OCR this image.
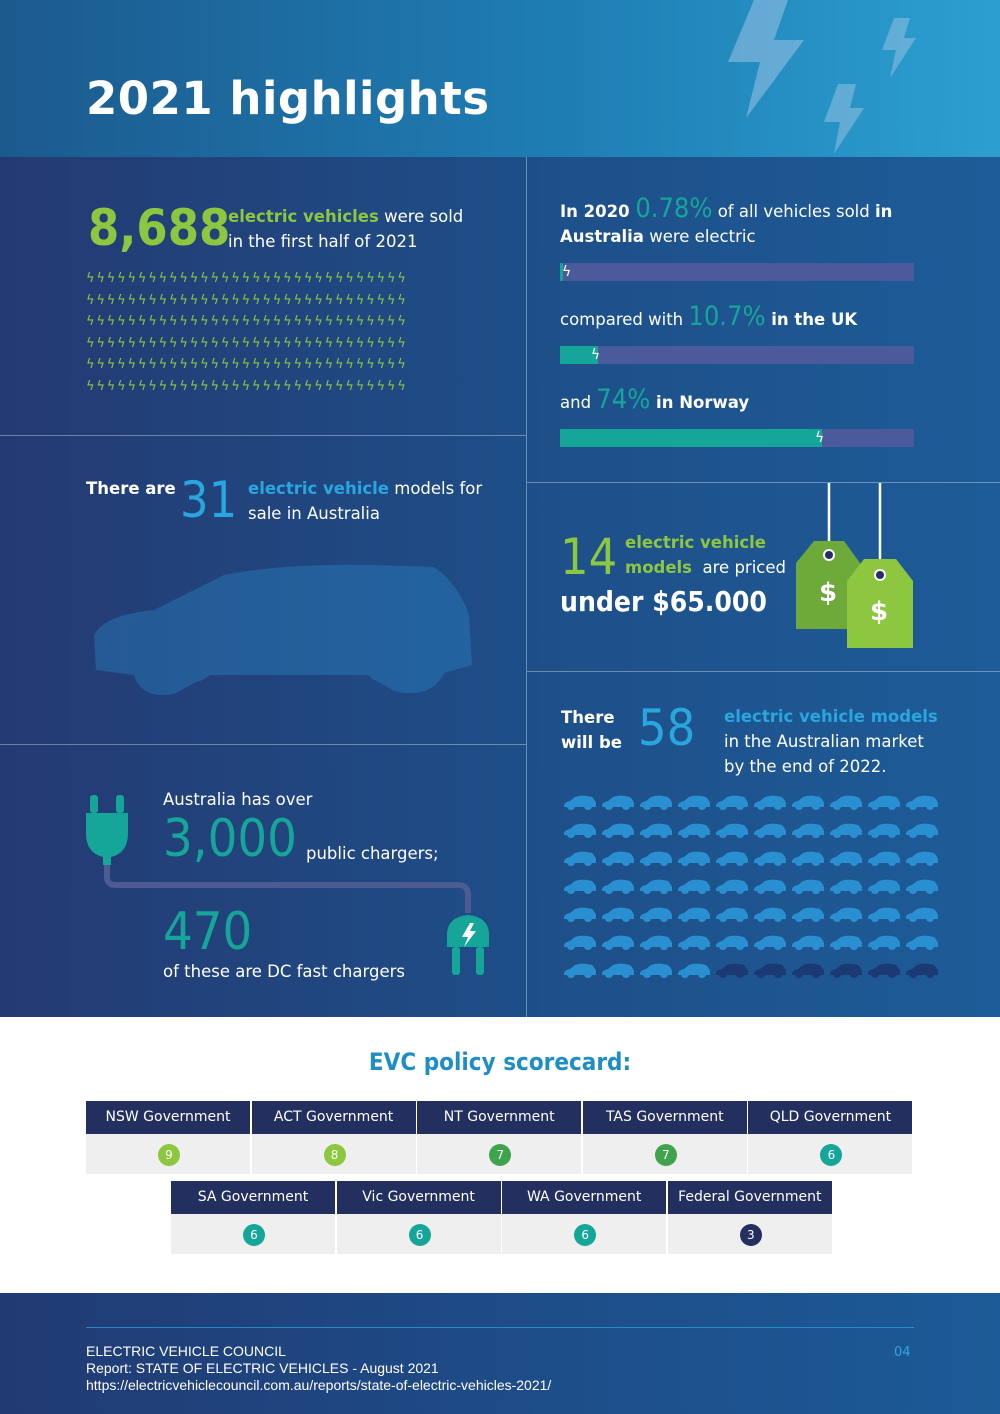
2021 highlights
8,688
electric vehicles were sold
in the first half of 2021
ϟϟϟϟϟϟϟϟϟϟϟϟϟϟϟϟϟϟϟϟϟϟϟϟϟϟϟϟϟϟϟ
ϟϟϟϟϟϟϟϟϟϟϟϟϟϟϟϟϟϟϟϟϟϟϟϟϟϟϟϟϟϟϟ
ϟϟϟϟϟϟϟϟϟϟϟϟϟϟϟϟϟϟϟϟϟϟϟϟϟϟϟϟϟϟϟ
ϟϟϟϟϟϟϟϟϟϟϟϟϟϟϟϟϟϟϟϟϟϟϟϟϟϟϟϟϟϟϟ
ϟϟϟϟϟϟϟϟϟϟϟϟϟϟϟϟϟϟϟϟϟϟϟϟϟϟϟϟϟϟϟ
ϟϟϟϟϟϟϟϟϟϟϟϟϟϟϟϟϟϟϟϟϟϟϟϟϟϟϟϟϟϟϟ
In 2020 0.78% of all vehicles sold in
Australia were electric
ϟ
compared with 10.7% in the UK
ϟ
and 74% in Norway
ϟ
There are 31 electric vehicle models for
sale in Australia
14 electric vehicle
models are priced
under $65.000 $
$
There
will be 58 electric vehicle models
in the Australian market
by the end of 2022.
Australia has over
3,000 public chargers;
470
of these are DC fast chargers
EVC policy scorecard:
NSW Government
9
ACT Government
8
NT Government
7
TAS Government
7
QLD Government
6
SA Government
6
Vic Government
6
WA Government
6
Federal Government
3
ELECTRIC VEHICLE COUNCIL
Report: STATE OF ELECTRIC VEHICLES - August 2021
https://electricvehiclecouncil.com.au/reports/state-of-electric-vehicles-2021/
04
